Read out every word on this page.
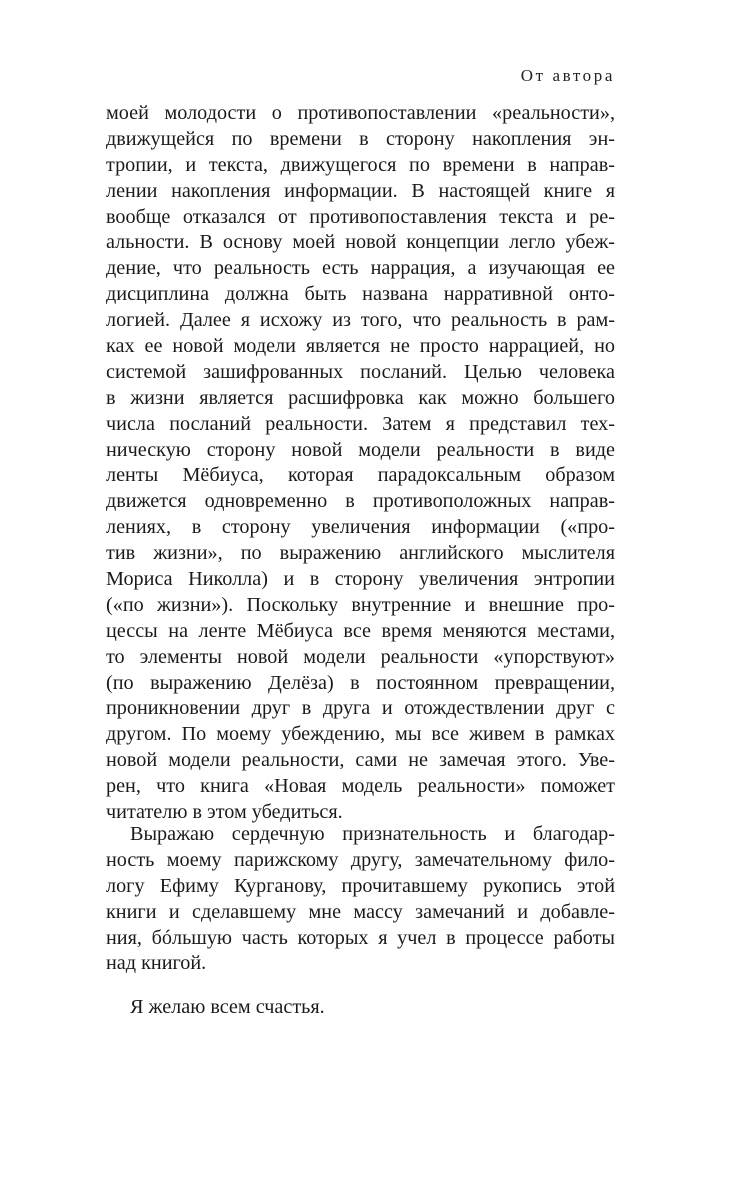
От автора
моей молодости о противопоставлении «реальности»,
движущейся по времени в сторону накопления эн-
тропии, и текста, движущегося по времени в направ-
лении накопления информации. В настоящей книге я
вообще отказался от противопоставления текста и ре-
альности. В основу моей новой концепции легло убеж-
дение, что реальность есть наррация, а изучающая ее
дисциплина должна быть названа нарративной онто-
логией. Далее я исхожу из того, что реальность в рам-
ках ее новой модели является не просто наррацией, но
системой зашифрованных посланий. Целью человека
в жизни является расшифровка как можно большего
числа посланий реальности. Затем я представил тех-
ническую сторону новой модели реальности в виде
ленты Мёбиуса, которая парадоксальным образом
движется одновременно в противоположных направ-
лениях, в сторону увеличения информации («про-
тив жизни», по выражению английского мыслителя
Мориса Николла) и в сторону увеличения энтропии
(«по жизни»). Поскольку внутренние и внешние про-
цессы на ленте Мёбиуса все время меняются местами,
то элементы новой модели реальности «упорствуют»
(по выражению Делёза) в постоянном превращении,
проникновении друг в друга и отождествлении друг с
другом. По моему убеждению, мы все живем в рамках
новой модели реальности, сами не замечая этого. Уве-
рен, что книга «Новая модель реальности» поможет
читателю в этом убедиться.
Выражаю сердечную признательность и благодар-
ность моему парижскому другу, замечательному фило-
логу Ефиму Курганову, прочитавшему рукопись этой
книги и сделавшему мне массу замечаний и добавле-
ния, бóльшую часть которых я учел в процессе работы
над книгой.
Я желаю всем счастья.
